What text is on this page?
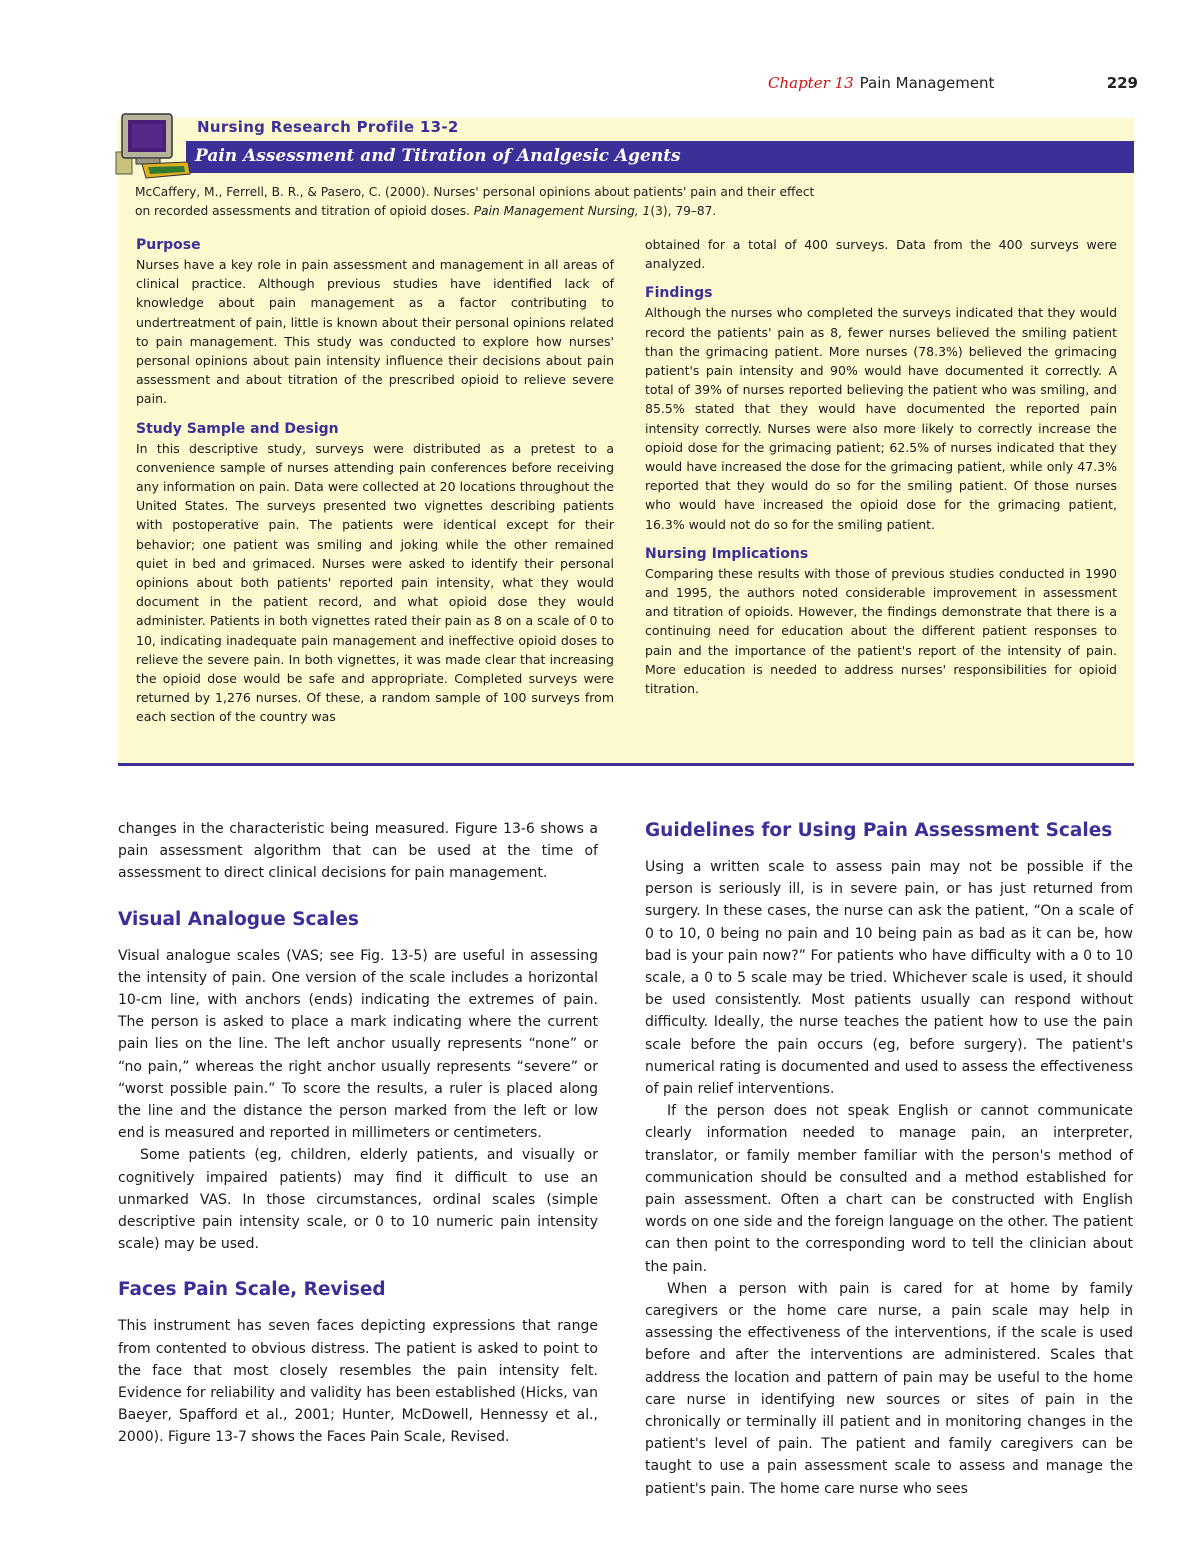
Chapter 13 Pain Management	229
Nursing Research Profile 13-2
Pain Assessment and Titration of Analgesic Agents
McCaffery, M., Ferrell, B. R., & Pasero, C. (2000). Nurses' personal opinions about patients' pain and their effect
on recorded assessments and titration of opioid doses. Pain Management Nursing, 1(3), 79–87.
Purpose

Nurses have a key role in pain assessment and management in all areas of clinical practice. Although previous studies have identified lack of knowledge about pain management as a factor contributing to undertreatment of pain, little is known about their personal opinions related to pain management. This study was conducted to explore how nurses' personal opinions about pain intensity influence their decisions about pain assessment and about titration of the prescribed opioid to relieve severe pain.

Study Sample and Design

In this descriptive study, surveys were distributed as a pretest to a convenience sample of nurses attending pain conferences before receiving any information on pain. Data were collected at 20 locations throughout the United States. The surveys presented two vignettes describing patients with postoperative pain. The patients were identical except for their behavior; one patient was smiling and joking while the other remained quiet in bed and grimaced. Nurses were asked to identify their personal opinions about both patients' reported pain intensity, what they would document in the patient record, and what opioid dose they would administer. Patients in both vignettes rated their pain as 8 on a scale of 0 to 10, indicating inadequate pain management and ineffective opioid doses to relieve the severe pain. In both vignettes, it was made clear that increasing the opioid dose would be safe and appropriate. Completed surveys were returned by 1,276 nurses. Of these, a random sample of 100 surveys from each section of the country was

obtained for a total of 400 surveys. Data from the 400 surveys were analyzed.

Findings

Although the nurses who completed the surveys indicated that they would record the patients' pain as 8, fewer nurses believed the smiling patient than the grimacing patient. More nurses (78.3%) believed the grimacing patient's pain intensity and 90% would have documented it correctly. A total of 39% of nurses reported believing the patient who was smiling, and 85.5% stated that they would have documented the reported pain intensity correctly. Nurses were also more likely to correctly increase the opioid dose for the grimacing patient; 62.5% of nurses indicated that they would have increased the dose for the grimacing patient, while only 47.3% reported that they would do so for the smiling patient. Of those nurses who would have increased the opioid dose for the grimacing patient, 16.3% would not do so for the smiling patient.

Nursing Implications

Comparing these results with those of previous studies conducted in 1990 and 1995, the authors noted considerable improvement in assessment and titration of opioids. However, the findings demonstrate that there is a continuing need for education about the different patient responses to pain and the importance of the patient's report of the intensity of pain. More education is needed to address nurses' responsibilities for opioid titration.

changes in the characteristic being measured. Figure 13-6 shows a pain assessment algorithm that can be used at the time of assessment to direct clinical decisions for pain management.

Visual Analogue Scales

Visual analogue scales (VAS; see Fig. 13-5) are useful in assessing the intensity of pain. One version of the scale includes a horizontal 10-cm line, with anchors (ends) indicating the extremes of pain. The person is asked to place a mark indicating where the current pain lies on the line. The left anchor usually represents “none” or “no pain,” whereas the right anchor usually represents “severe” or “worst possible pain.” To score the results, a ruler is placed along the line and the distance the person marked from the left or low end is measured and reported in millimeters or centimeters.

Some patients (eg, children, elderly patients, and visually or cognitively impaired patients) may find it difficult to use an unmarked VAS. In those circumstances, ordinal scales (simple descriptive pain intensity scale, or 0 to 10 numeric pain intensity scale) may be used.

Faces Pain Scale, Revised

This instrument has seven faces depicting expressions that range from contented to obvious distress. The patient is asked to point to the face that most closely resembles the pain intensity felt. Evidence for reliability and validity has been established (Hicks, van Baeyer, Spafford et al., 2001; Hunter, McDowell, Hennessy et al., 2000). Figure 13-7 shows the Faces Pain Scale, Revised.

Guidelines for Using Pain Assessment Scales

Using a written scale to assess pain may not be possible if the person is seriously ill, is in severe pain, or has just returned from surgery. In these cases, the nurse can ask the patient, “On a scale of 0 to 10, 0 being no pain and 10 being pain as bad as it can be, how bad is your pain now?” For patients who have difficulty with a 0 to 10 scale, a 0 to 5 scale may be tried. Whichever scale is used, it should be used consistently. Most patients usually can respond without difficulty. Ideally, the nurse teaches the patient how to use the pain scale before the pain occurs (eg, before surgery). The patient's numerical rating is documented and used to assess the effectiveness of pain relief interventions.

If the person does not speak English or cannot communicate clearly information needed to manage pain, an interpreter, translator, or family member familiar with the person's method of communication should be consulted and a method established for pain assessment. Often a chart can be constructed with English words on one side and the foreign language on the other. The patient can then point to the corresponding word to tell the clinician about the pain.

When a person with pain is cared for at home by family caregivers or the home care nurse, a pain scale may help in assessing the effectiveness of the interventions, if the scale is used before and after the interventions are administered. Scales that address the location and pattern of pain may be useful to the home care nurse in identifying new sources or sites of pain in the chronically or terminally ill patient and in monitoring changes in the patient's level of pain. The patient and family caregivers can be taught to use a pain assessment scale to assess and manage the patient's pain. The home care nurse who sees
